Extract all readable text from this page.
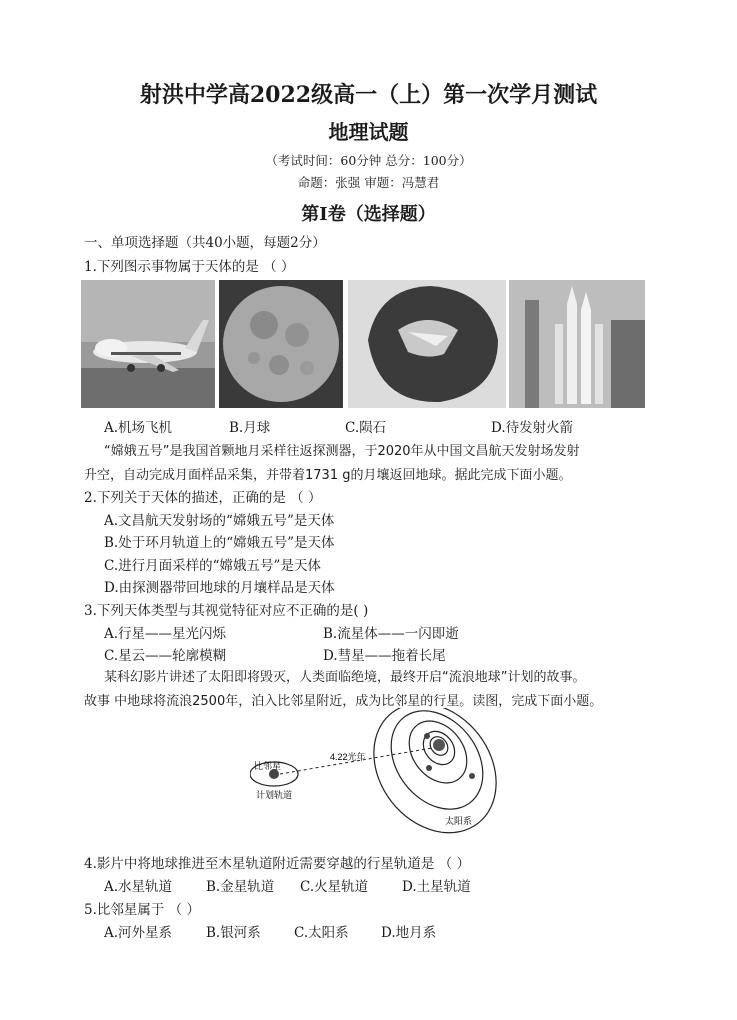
射洪中学高2022级高一（上）第一次学月测试
地理试题
（考试时间：60分钟 总分：100分）
命题：张强 审题：冯慧君
第Ⅰ卷（选择题）
一、单项选择题（共40小题，每题2分）
1.下列图示事物属于天体的是 （ ）
A.机场飞机	B.月球	C.陨石	D.待发射火箭
“嫦娥五号”是我国首颗地月采样往返探测器，于2020年从中国文昌航天发射场发射
升空，自动完成月面样品采集，并带着1731 g的月壤返回地球。据此完成下面小题。
2.下列关于天体的描述，正确的是 （ ）
A.文昌航天发射场的“嫦娥五号”是天体
B.处于环月轨道上的“嫦娥五号”是天体
C.进行月面采样的“嫦娥五号”是天体
D.由探测器带回地球的月壤样品是天体
3.下列天体类型与其视觉特征对应不正确的是( )
A.行星——星光闪烁	B.流星体——一闪即逝
C.星云——轮廓模糊	D.彗星——拖着长尾
某科幻影片讲述了太阳即将毁灭，人类面临绝境，最终开启“流浪地球”计划的故事。
故事 中地球将流浪2500年，泊入比邻星附近，成为比邻星的行星。读图，完成下面小题。
比邻星
4.22光年
计划轨道
太阳系
4.影片中将地球推进至木星轨道附近需要穿越的行星轨道是 （ ）
A.水星轨道	B.金星轨道 C.火星轨道	D.土星轨道
5.比邻星属于 （ ）
A.河外星系	B.银河系 C.太阳系 D.地月系
